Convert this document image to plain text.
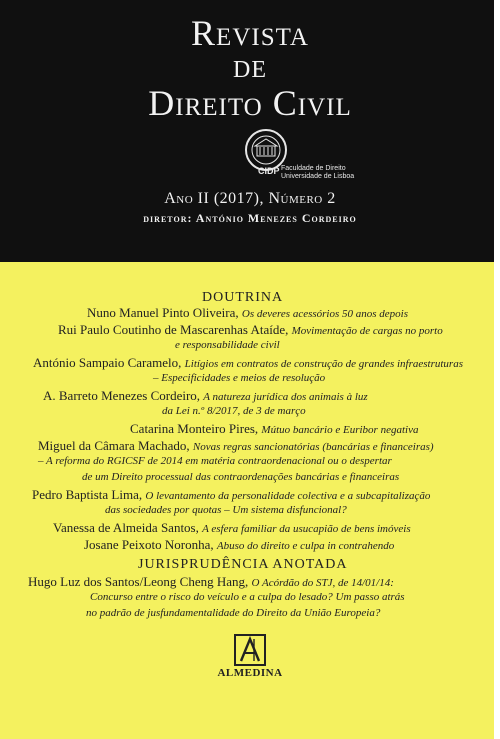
Revista
de
Direito Civil
CIDP Faculdade de Direito
Universidade de Lisboa
Ano II (2017), Número 2
diretor: António Menezes Cordeiro
DOUTRINA
Nuno Manuel Pinto Oliveira, Os deveres acessórios 50 anos depois
Rui Paulo Coutinho de Mascarenhas Ataíde, Movimentação de cargas no porto
e responsabilidade civil
António Sampaio Caramelo, Litígios em contratos de construção de grandes infraestruturas
– Especificidades e meios de resolução
A. Barreto Menezes Cordeiro, A natureza jurídica dos animais à luz
da Lei n.º 8/2017, de 3 de março
Catarina Monteiro Pires, Mútuo bancário e Euribor negativa
Miguel da Câmara Machado, Novas regras sancionatórias (bancárias e financeiras)
– A reforma do RGICSF de 2014 em matéria contraordenacional ou o despertar
de um Direito processual das contraordenações bancárias e financeiras
Pedro Baptista Lima, O levantamento da personalidade colectiva e a subcapitalização
das sociedades por quotas – Um sistema disfuncional?
Vanessa de Almeida Santos, A esfera familiar da usucapião de bens imóveis
Josane Peixoto Noronha, Abuso do direito e culpa in contrahendo
JURISPRUDÊNCIA ANOTADA
Hugo Luz dos Santos/Leong Cheng Hang, O Acórdão do STJ, de 14/01/14:
Concurso entre o risco do veículo e a culpa do lesado? Um passo atrás
no padrão de jusfundamentalidade do Direito da União Europeia?
ALMEDINA
